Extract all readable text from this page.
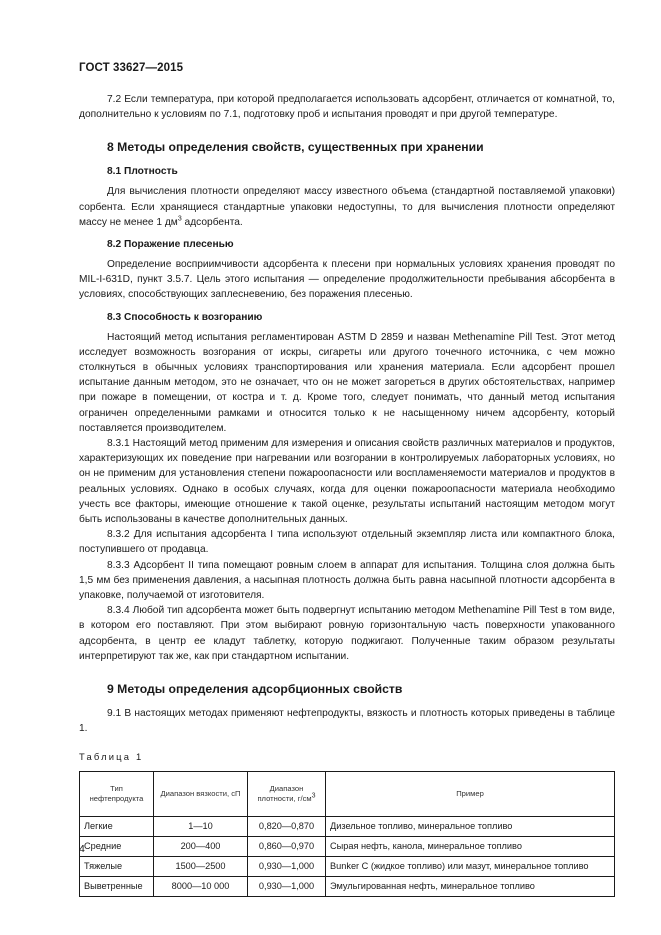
ГОСТ 33627—2015

7.2 Если температура, при которой предполагается использовать адсорбент, отличается от комнатной, то, дополнительно к условиям по 7.1, подготовку проб и испытания проводят и при другой температуре.

8 Методы определения свойств, существенных при хранении
8.1 Плотность

Для вычисления плотности определяют массу известного объема (стандартной поставляемой упаковки) сорбента. Если хранящиеся стандартные упаковки недоступны, то для вычисления плотности определяют массу не менее 1 $дм^3$ адсорбента.

8.2 Поражение плесенью

Определение восприимчивости адсорбента к плесени при нормальных условиях хранения проводят по MIL-I-631D, пункт 3.5.7. Цель этого испытания — определение продолжительности пребывания абсорбента в условиях, способствующих заплесневению, без поражения плесенью.

8.3 Способность к возгоранию

Настоящий метод испытания регламентирован ASTM D 2859 и назван Methenamine Pill Test. Этот метод исследует возможность возгорания от искры, сигареты или другого точечного источника, с чем можно столкнуться в обычных условиях транспортирования или хранения материала. Если адсорбент прошел испытание данным методом, это не означает, что он не может загореться в других обстоятельствах, например при пожаре в помещении, от костра и т. д. Кроме того, следует понимать, что данный метод испытания ограничен определенными рамками и относится только к не насыщенному ничем адсорбенту, который поставляется производителем.

8.3.1 Настоящий метод применим для измерения и описания свойств различных материалов и продуктов, характеризующих их поведение при нагревании или возгорании в контролируемых лабораторных условиях, но он не применим для установления степени пожароопасности или воспламеняемости материалов и продуктов в реальных условиях. Однако в особых случаях, когда для оценки пожароопасности материала необходимо учесть все факторы, имеющие отношение к такой оценке, результаты испытаний настоящим методом могут быть использованы в качестве дополнительных данных.

8.3.2 Для испытания адсорбента I типа используют отдельный экземпляр листа или компактного блока, поступившего от продавца.

8.3.3 Адсорбент II типа помещают ровным слоем в аппарат для испытания. Толщина слоя должна быть 1,5 мм без применения давления, а насыпная плотность должна быть равна насыпной плотности адсорбента в упаковке, получаемой от изготовителя.

8.3.4 Любой тип адсорбента может быть подвергнут испытанию методом Methenamine Pill Test в том виде, в котором его поставляют. При этом выбирают ровную горизонтальную часть поверхности упакованного адсорбента, в центр ее кладут таблетку, которую поджигают. Полученные таким образом результаты интерпретируют так же, как при стандартном испытании.

9 Методы определения адсорбционных свойств

9.1 В настоящих методах применяют нефтепродукты, вязкость и плотность которых приведены в таблице 1.

Таблица 1
Тип нефтепродукта	Диапазон вязкости, сП	Диапазон плотности, $г/см^3$	Пример
Легкие	1—10	0,820—0,870	Дизельное топливо, минеральное топливо
Средние	200—400	0,860—0,970	Сырая нефть, канола, минеральное топливо
Тяжелые	1500—2500	0,930—1,000	Bunker C (жидкое топливо) или мазут, минеральное топливо
Выветренные	8000—10 000	0,930—1,000	Эмульгированная нефть, минеральное топливо
4
